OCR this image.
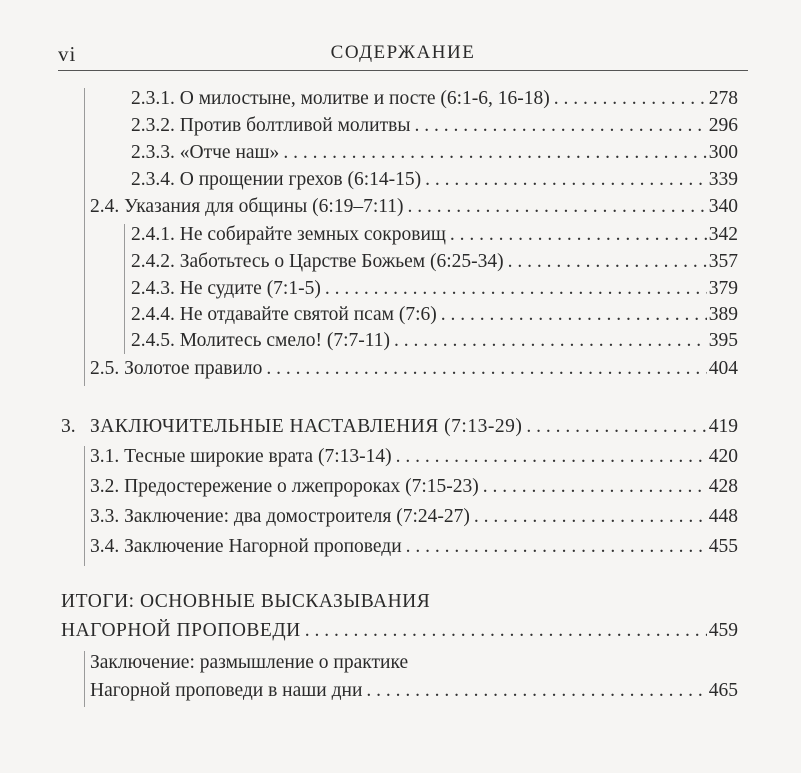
vi	СОДЕРЖАНИЕ
2.3.1. О милостыне, молитве и посте (6:1-6, 16-18) . . .	278
2.3.2. Против болтливой молитвы . . .	296
2.3.3. «Отче наш» . . .	300
2.3.4. О прощении грехов (6:14-15) . . .	339
2.4. Указания для общины (6:19–7:11) . . .	340
2.4.1. Не собирайте земных сокровищ . . .	342
2.4.2. Заботьтесь о Царстве Божьем (6:25-34) . . .	357
2.4.3. Не судите (7:1-5) . . .	379
2.4.4. Не отдавайте святой псам (7:6) . . .	389
2.4.5. Молитесь смело! (7:7-11) . . .	395
2.5. Золотое правило . . .	404
3. ЗАКЛЮЧИТЕЛЬНЫЕ НАСТАВЛЕНИЯ (7:13-29) . . .	419
3.1. Тесные широкие врата (7:13-14) . . .	420
3.2. Предостережение о лжепророках (7:15-23) . . .	428
3.3. Заключение: два домостроителя (7:24-27) . . .	448
3.4. Заключение Нагорной проповеди . . .	455
ИТОГИ: ОСНОВНЫЕ ВЫСКАЗЫВАНИЯ
НАГОРНОЙ ПРОПОВЕДИ . . .	459
Заключение: размышление о практике
Нагорной проповеди в наши дни . . .	465
